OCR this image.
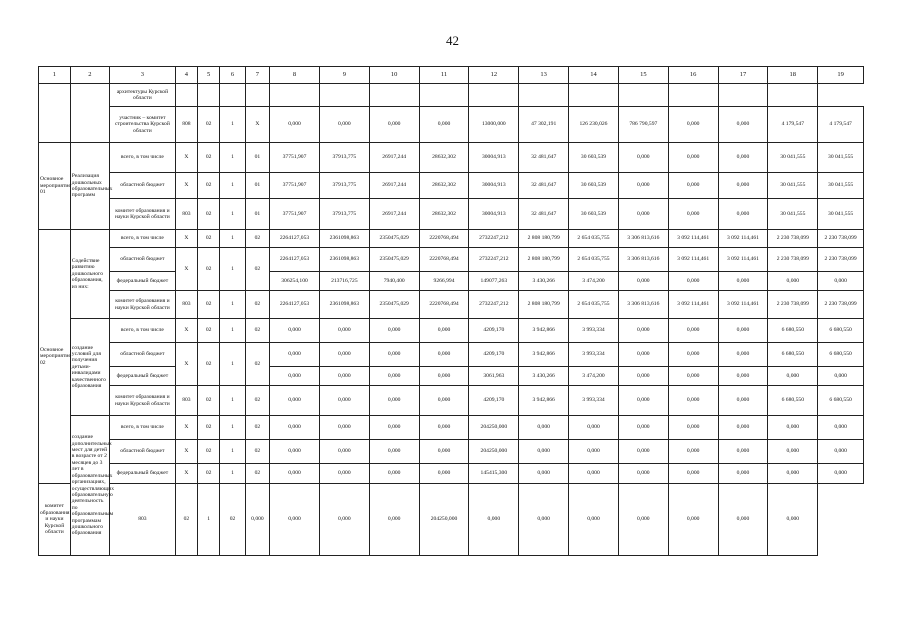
42
1	2	3	4	5	6	7	8	9	10	11	12	13	14	15	16	17	18	19
		архитектуры Курской области																
		участник – комитет строительства Курской области	808	02	1	Х	0,000	0,000	0,000	0,000	13000,000	47 302,191	126 230,026	786 790,597	0,000	0,000	4 179,547	4 179,547
Основное мероприятие 01	Реализация дошкольных образовательных программ	всего, в том числе	Х	02	1	01	37751,907	37913,775	26917,244	28632,302	30004,913	32 481,647	30 603,539	0,000	0,000	0,000	30 041,555	30 041,555
		областной бюджет	Х	02	1	01	37751,907	37913,775	26917,244	28632,302	30004,913	32 481,647	30 603,539	0,000	0,000	0,000	30 041,555	30 041,555
		комитет образования и науки Курской области	803	02	1	01	37751,907	37913,775	26917,244	28632,302	30004,913	32 481,647	30 603,539	0,000	0,000	0,000	30 041,555	30 041,555
Основное мероприятие 02	Содействие развитию дошкольного образования, из них:	всего, в том числе	Х	02	1	02	2264127,053	2361098,863	2350475,029	2220768,494	2732247,212	2 808 180,799	2 654 035,755	3 306 813,616	3 092 114,461	3 092 114,461	2 230 738,099	2 230 738,099
		областной бюджет	Х	02	1	02	2264127,053	2361098,863	2350475,029	2220768,494	2732247,212	2 808 180,799	2 654 035,755	3 306 813,616	3 092 114,461	3 092 114,461	2 230 738,099	2 230 738,099
		федеральный бюджет					306254,100	213716,725	7940,400	9266,994	149077,263	3 430,266	3 474,200	0,000	0,000	0,000	0,000	0,000
		комитет образования и науки Курской области	803	02	1	02	2264127,053	2361098,863	2350475,029	2220768,494	2732247,212	2 808 180,799	2 654 035,755	3 306 813,616	3 092 114,461	3 092 114,461	2 230 738,099	2 230 738,099
	создание условий для получения детьми-инвалидами качественного образования	всего, в том числе	Х	02	1	02	0,000	0,000	0,000	0,000	4209,170	3 942,866	3 993,334	0,000	0,000	0,000	6 680,550	6 680,550
		областной бюджет	Х	02	1	02	0,000	0,000	0,000	0,000	4209,170	3 942,866	3 993,334	0,000	0,000	0,000	6 680,550	6 680,550
		федеральный бюджет					0,000	0,000	0,000	0,000	3061,963	3 430,266	3 474,200	0,000	0,000	0,000	0,000	0,000
		комитет образования и науки Курской области	803	02	1	02	0,000	0,000	0,000	0,000	4209,170	3 942,866	3 993,334	0,000	0,000	0,000	6 680,550	6 680,550
	создание дополнительных мест для детей в возрасте от 2 месяцев до 3 лет в образовательных организациях, осуществляющих образовательную деятельность по образовательным программам дошкольного образования	всего, в том числе	Х	02	1	02	0,000	0,000	0,000	0,000	204250,000	0,000	0,000	0,000	0,000	0,000	0,000	0,000
		областной бюджет	Х	02	1	02	0,000	0,000	0,000	0,000	204250,000	0,000	0,000	0,000	0,000	0,000	0,000	0,000
		федеральный бюджет	Х	02	1	02	0,000	0,000	0,000	0,000	145415,300	0,000	0,000	0,000	0,000	0,000	0,000	0,000
комитет образования и науки Курской области		803	02	1	02	0,000	0,000	0,000	0,000	204250,000	0,000	0,000	0,000	0,000	0,000	0,000	0,000	
